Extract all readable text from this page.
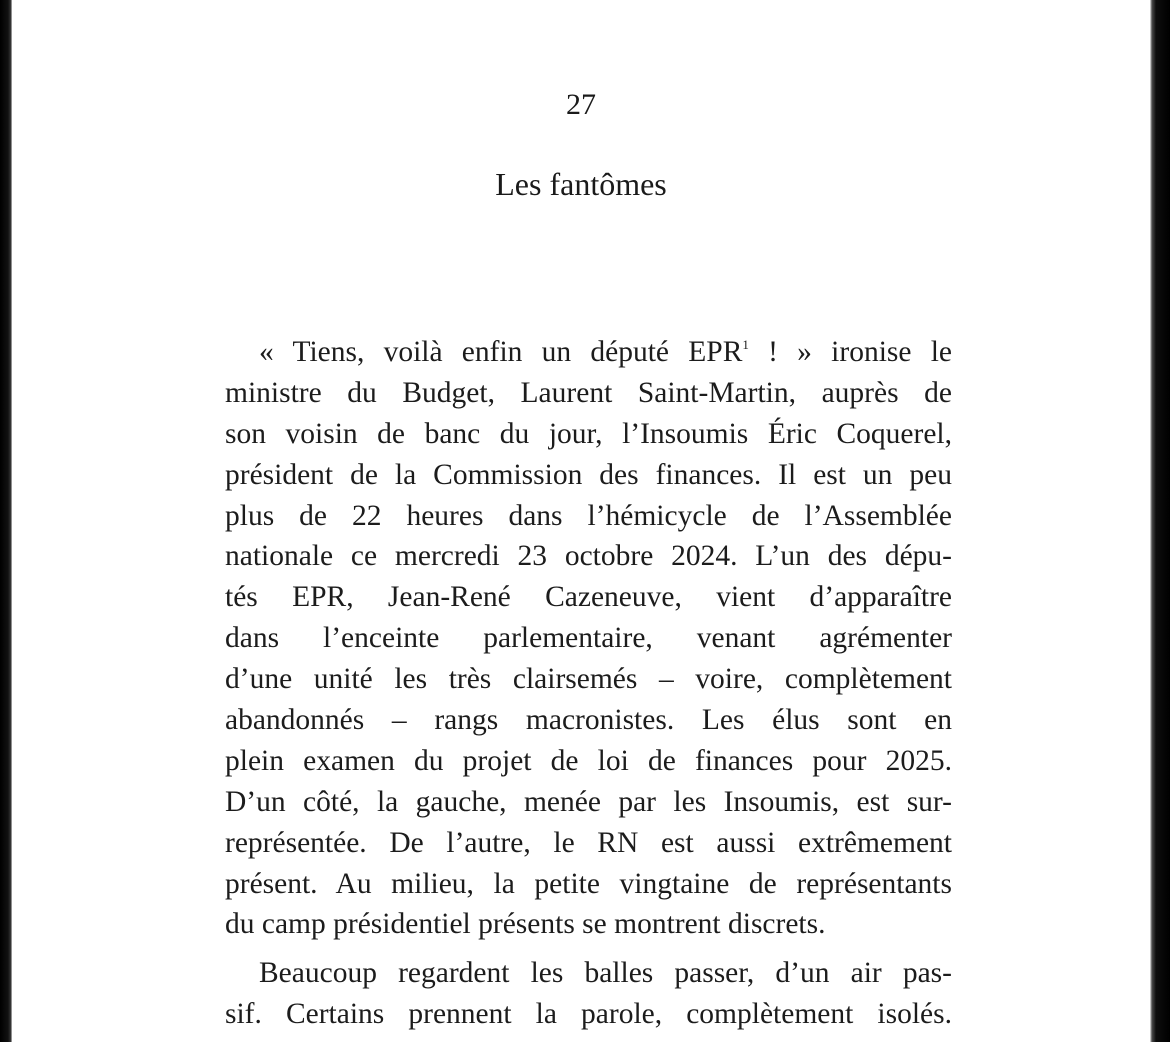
27
Les fantômes
« Tiens, voilà enfin un député EPR$^1$ ! » ironise le
ministre du Budget, Laurent Saint-Martin, auprès de
son voisin de banc du jour, l’Insoumis Éric Coquerel,
président de la Commission des finances. Il est un peu
plus de 22 heures dans l’hémicycle de l’Assemblée
nationale ce mercredi 23 octobre 2024. L’un des dépu-
tés EPR, Jean-René Cazeneuve, vient d’apparaître
dans l’enceinte parlementaire, venant agrémenter
d’une unité les très clairsemés – voire, complètement
abandonnés – rangs macronistes. Les élus sont en
plein examen du projet de loi de finances pour 2025.
D’un côté, la gauche, menée par les Insoumis, est sur-
représentée. De l’autre, le RN est aussi extrêmement
présent. Au milieu, la petite vingtaine de représentants
du camp présidentiel présents se montrent discrets.
Beaucoup regardent les balles passer, d’un air pas-
sif. Certains prennent la parole, complètement isolés.
